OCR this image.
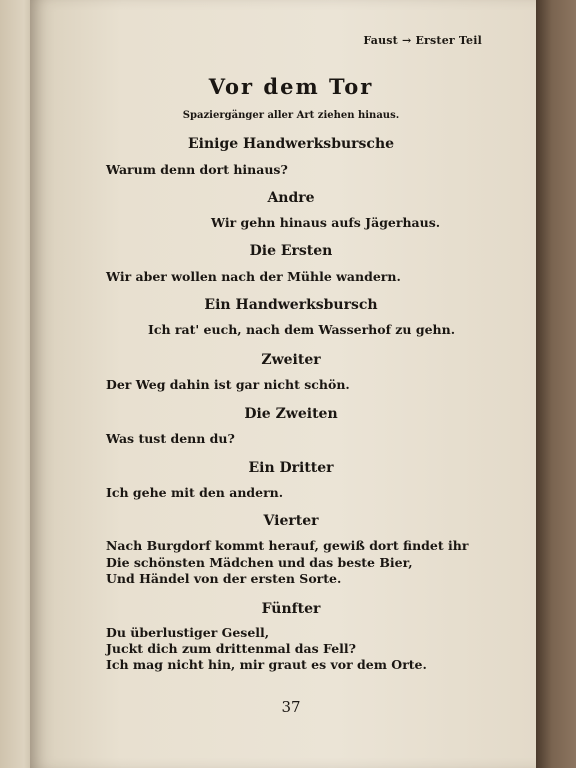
Faust → Erster Teil
Vor dem Tor
Spaziergänger aller Art ziehen hinaus.
Einige Handwerksbursche
Warum denn dort hinaus?
Andre
Wir gehn hinaus aufs Jägerhaus.
Die Ersten
Wir aber wollen nach der Mühle wandern.
Ein Handwerksbursch
Ich rat' euch, nach dem Wasserhof zu gehn.
Zweiter
Der Weg dahin ist gar nicht schön.
Die Zweiten
Was tust denn du?
Ein Dritter
Ich gehe mit den andern.
Vierter
Nach Burgdorf kommt herauf, gewiß dort findet ihr
Die schönsten Mädchen und das beste Bier,
Und Händel von der ersten Sorte.
Fünfter
Du überlustiger Gesell,
Juckt dich zum drittenmal das Fell?
Ich mag nicht hin, mir graut es vor dem Orte.
37
